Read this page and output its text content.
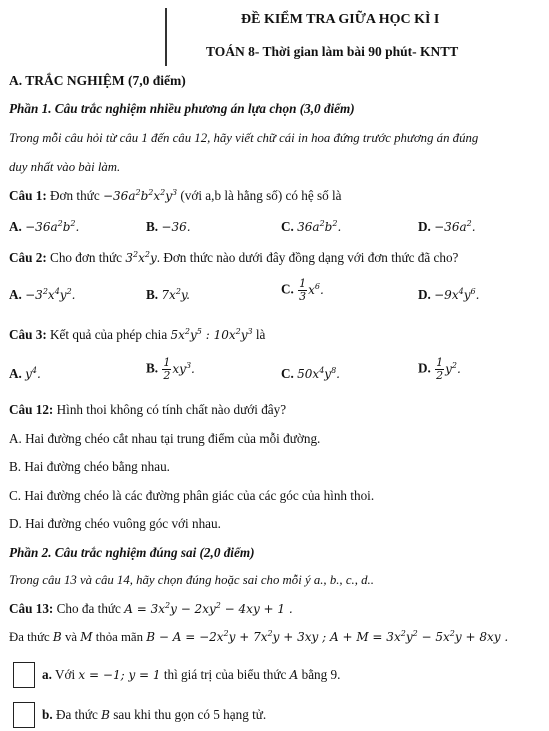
ĐỀ KIỂM TRA GIỮA HỌC KÌ I
TOÁN 8- Thời gian làm bài 90 phút- KNTT
A. TRẮC NGHIỆM (7,0 điểm)
Phần 1. Câu trắc nghiệm nhiều phương án lựa chọn (3,0 điểm)
Trong mỗi câu hỏi từ câu 1 đến câu 12, hãy viết chữ cái in hoa đứng trước phương án đúng
duy nhất vào bài làm.
Câu 1: Đơn thức $-36a^2b^2x^2y^3$ (với a,b là hằng số) có hệ số là
A. $-36a^2b^2$.	B. −36.	C. $36a^2b^2$.	D. $-36a^2$.
Câu 2: Cho đơn thức $3^2x^2y$. Đơn thức nào dưới đây đồng dạng với đơn thức đã cho?
A. $-3^2x^4y^2$.	B. $7x^2y$.	C. $\frac{1}{3} x^6$.	D. $-9x^4y^6$.
Câu 3: Kết quả của phép chia $5x^2y^5$ : $10x^2y^3$ là
A. $y^4$.	B. $\frac{1}{2} xy^3$.	C. $50x^4y^8$.	D. $\frac{1}{2} y^2$.
Câu 12: Hình thoi không có tính chất nào dưới đây?
A. Hai đường chéo cắt nhau tại trung điểm của mỗi đường.
B. Hai đường chéo bằng nhau.
C. Hai đường chéo là các đường phân giác của các góc của hình thoi.
D. Hai đường chéo vuông góc với nhau.
Phần 2. Câu trắc nghiệm đúng sai (2,0 điểm)
Trong câu 13 và câu 14, hãy chọn đúng hoặc sai cho mỗi ý a., b., c., d..
Câu 13: Cho đa thức $A = 3x^2y - 2xy^2 - 4xy + 1$ .
Đa thức B và M thỏa mãn $B - A = -2x^2y + 7x^2y + 3xy$ ; $A + M = 3x^2y^2 - 5x^2y + 8xy$ .
a. Với x = −1; y = 1 thì giá trị của biểu thức A bằng 9.
b. Đa thức B sau khi thu gọn có 5 hạng tử.
